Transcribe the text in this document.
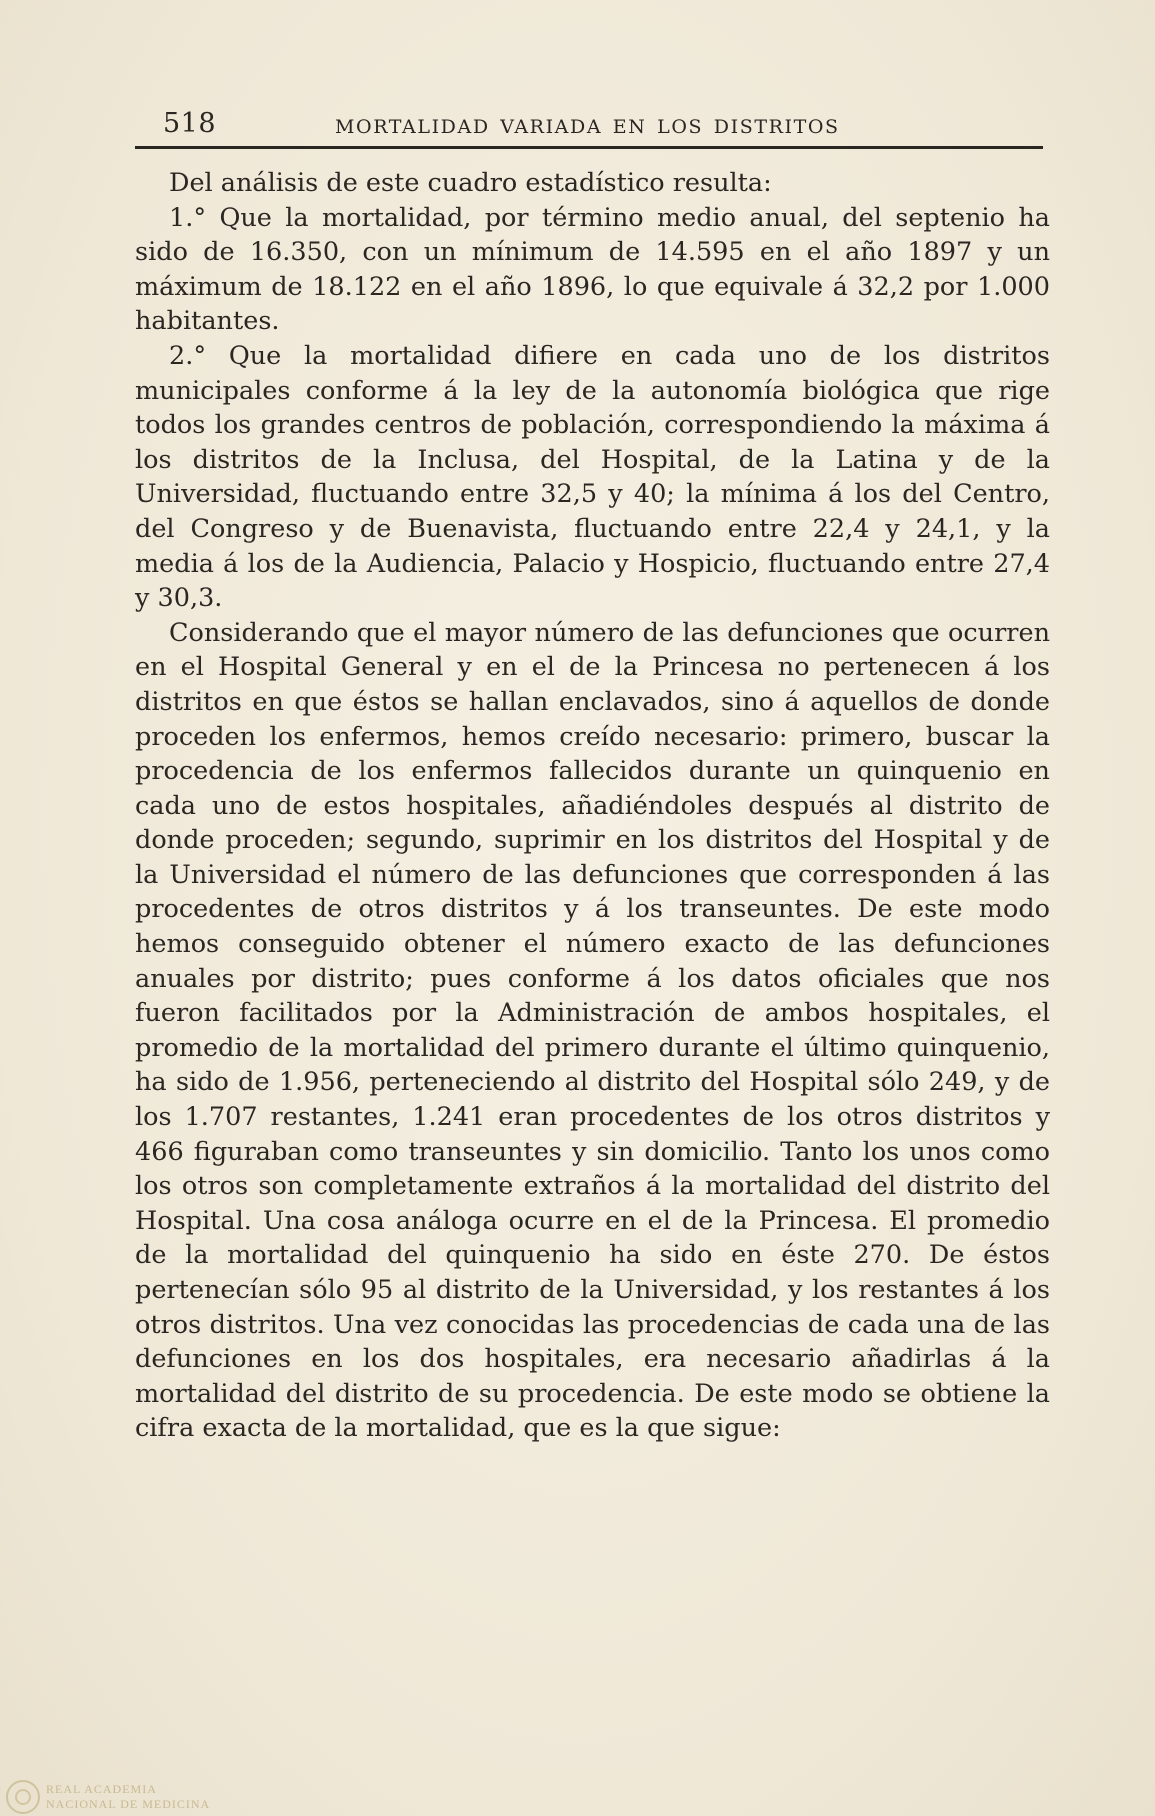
518	MORTALIDAD VARIADA EN LOS DISTRITOS

Del análisis de este cuadro estadístico resulta:

1.° Que la mortalidad, por término medio anual, del septenio ha sido de 16.350, con un mínimum de 14.595 en el año 1897 y un máximum de 18.122 en el año 1896, lo que equivale á 32,2 por 1.000 habitantes.

2.° Que la mortalidad difiere en cada uno de los distritos municipales conforme á la ley de la autonomía biológica que rige todos los grandes centros de población, correspondiendo la máxima á los distritos de la Inclusa, del Hospital, de la Latina y de la Universidad, fluctuando entre 32,5 y 40; la mínima á los del Centro, del Congreso y de Buenavista, fluctuando entre 22,4 y 24,1, y la media á los de la Audiencia, Palacio y Hospicio, fluctuando entre 27,4 y 30,3.

Considerando que el mayor número de las defunciones que ocurren en el Hospital General y en el de la Princesa no pertenecen á los distritos en que éstos se hallan enclavados, sino á aquellos de donde proceden los enfermos, hemos creído necesario: primero, buscar la procedencia de los enfermos fallecidos durante un quinquenio en cada uno de estos hospitales, añadiéndoles después al distrito de donde proceden; segundo, suprimir en los distritos del Hospital y de la Universidad el número de las defunciones que corresponden á las procedentes de otros distritos y á los transeuntes. De este modo hemos conseguido obtener el número exacto de las defunciones anuales por distrito; pues conforme á los datos oficiales que nos fueron facilitados por la Administración de ambos hospitales, el promedio de la mortalidad del primero durante el último quinquenio, ha sido de 1.956, perteneciendo al distrito del Hospital sólo 249, y de los 1.707 restantes, 1.241 eran procedentes de los otros distritos y 466 figuraban como transeuntes y sin domicilio. Tanto los unos como los otros son completamente extraños á la mortalidad del distrito del Hospital. Una cosa análoga ocurre en el de la Princesa. El promedio de la mortalidad del quinquenio ha sido en éste 270. De éstos pertenecían sólo 95 al distrito de la Universidad, y los restantes á los otros distritos. Una vez conocidas las procedencias de cada una de las defunciones en los dos hospitales, era necesario añadirlas á la mortalidad del distrito de su procedencia. De este modo se obtiene la cifra exacta de la mortalidad, que es la que sigue:

REAL ACADEMIA
NACIONAL DE MEDICINA
